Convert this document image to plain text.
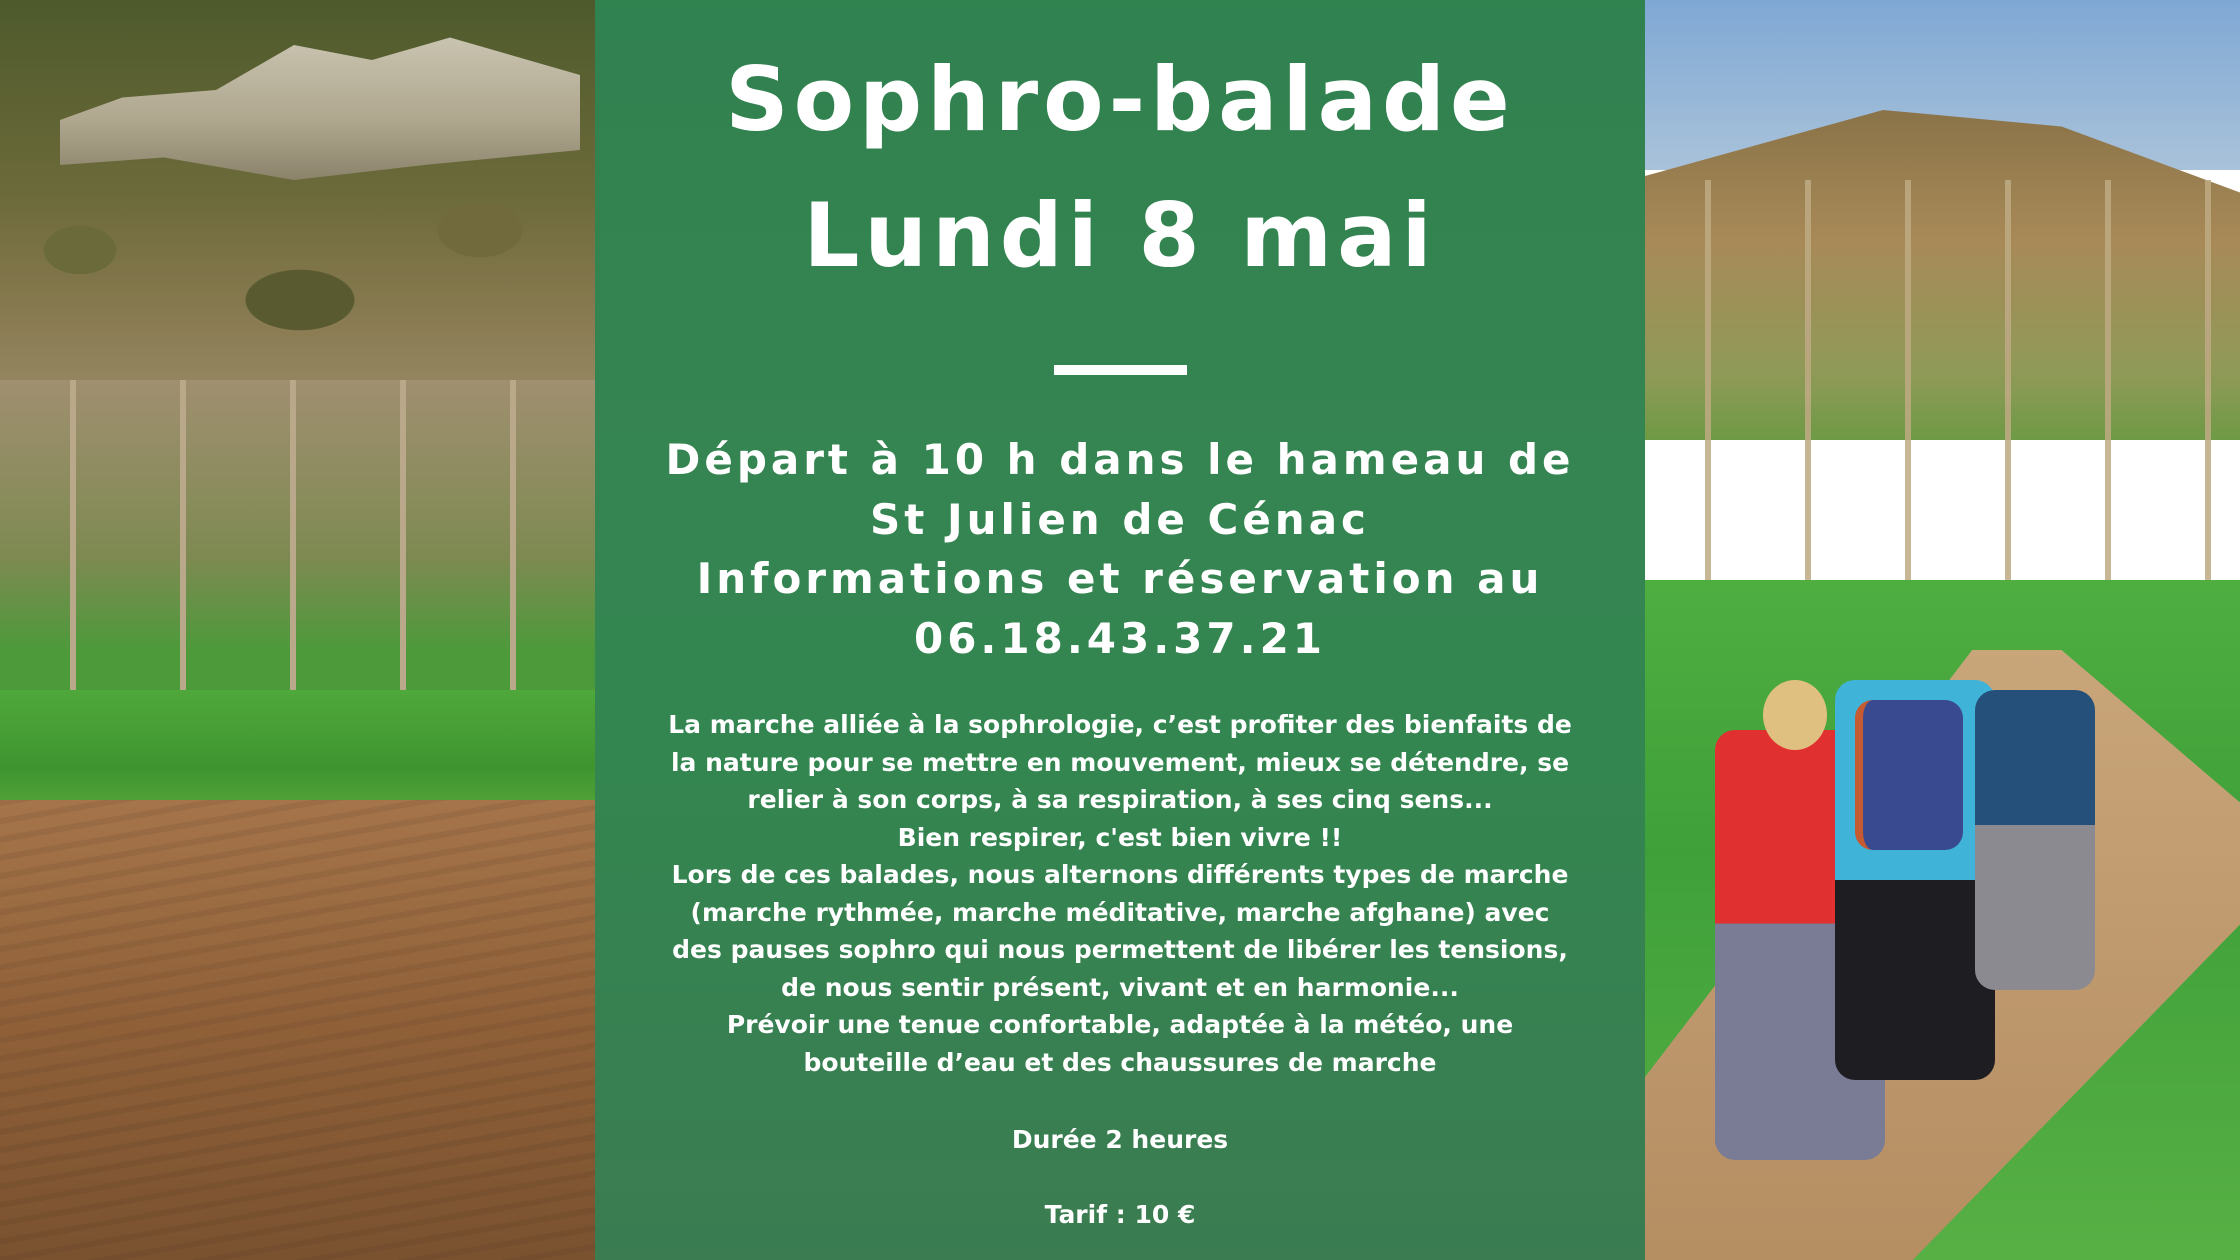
Sophro-balade
Lundi 8 mai

Départ à 10 h dans le hameau de

St Julien de Cénac

Informations et réservation au

06.18.43.37.21

La marche alliée à la sophrologie, c’est profiter des bienfaits de

la nature pour se mettre en mouvement, mieux se détendre, se

relier à son corps, à sa respiration, à ses cinq sens...

Bien respirer, c'est bien vivre !!

Lors de ces balades, nous alternons différents types de marche

(marche rythmée, marche méditative, marche afghane) avec

des pauses sophro qui nous permettent de libérer les tensions,

de nous sentir présent, vivant et en harmonie...

Prévoir une tenue confortable, adaptée à la météo, une

bouteille d’eau et des chaussures de marche

Durée 2 heures

Tarif : 10 €
